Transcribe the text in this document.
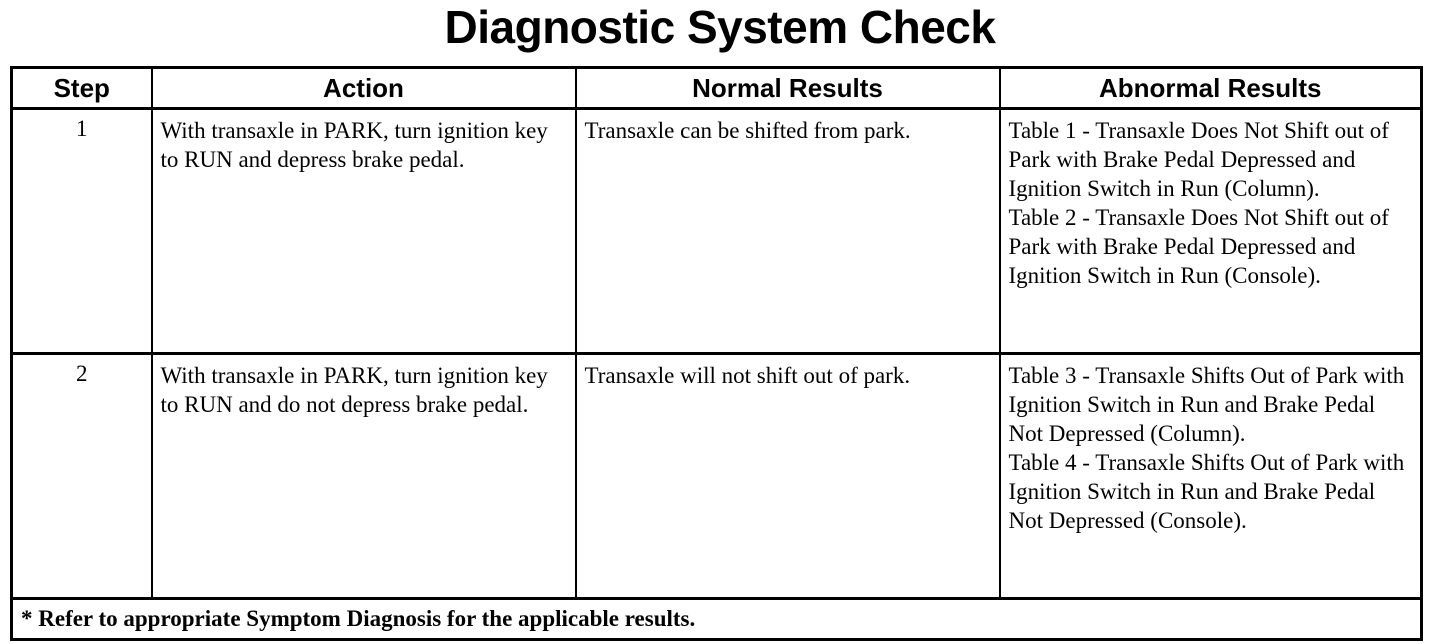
Diagnostic System Check
Step	Action	Normal Results	Abnormal Results
1	With transaxle in PARK, turn ignition key to RUN and depress brake pedal.	Transaxle can be shifted from park.	Table 1 - Transaxle Does Not Shift out of Park with Brake Pedal Depressed and Ignition Switch in Run (Column).
Table 2 - Transaxle Does Not Shift out of Park with Brake Pedal Depressed and Ignition Switch in Run (Console).

2	With transaxle in PARK, turn ignition key to RUN and do not depress brake pedal.	Transaxle will not shift out of park.	Table 3 - Transaxle Shifts Out of Park with Ignition Switch in Run and Brake Pedal Not Depressed (Column).
Table 4 - Transaxle Shifts Out of Park with Ignition Switch in Run and Brake Pedal Not Depressed (Console).

* Refer to appropriate Symptom Diagnosis for the applicable results.			
